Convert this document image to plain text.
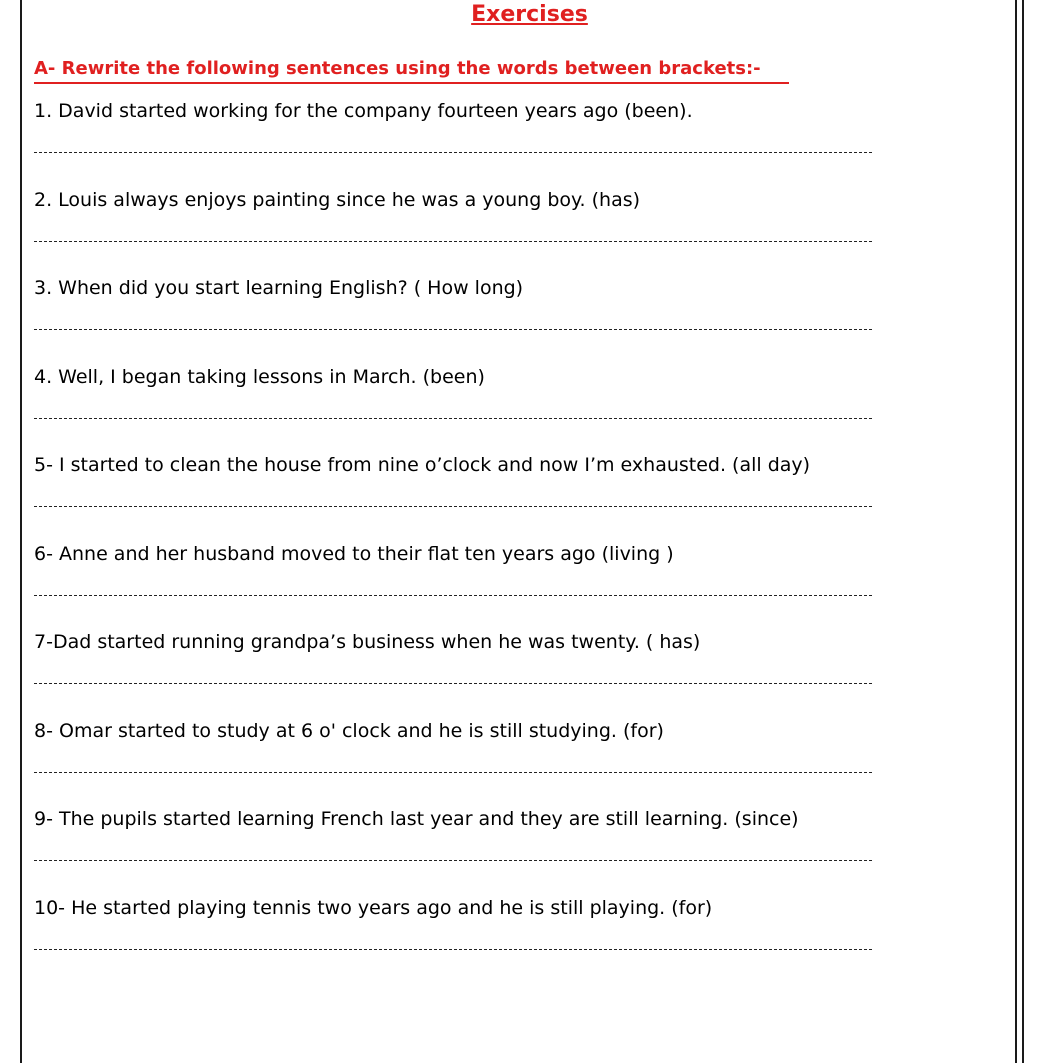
Exercises
A- Rewrite the following sentences using the words between brackets:-
1. David started working for the company fourteen years ago (been).
2. Louis always enjoys painting since he was a young boy. (has)
3. When did you start learning English? ( How long)
4. Well, I began taking lessons in March. (been)
5- I started to clean the house from nine o’clock and now I’m exhausted. (all day)
6- Anne and her husband moved to their flat ten years ago (living )
7-Dad started running grandpa’s business when he was twenty. ( has)
8- Omar started to study at 6 o' clock and he is still studying. (for)
9- The pupils started learning French last year and they are still learning. (since)
10- He started playing tennis two years ago and he is still playing. (for)
